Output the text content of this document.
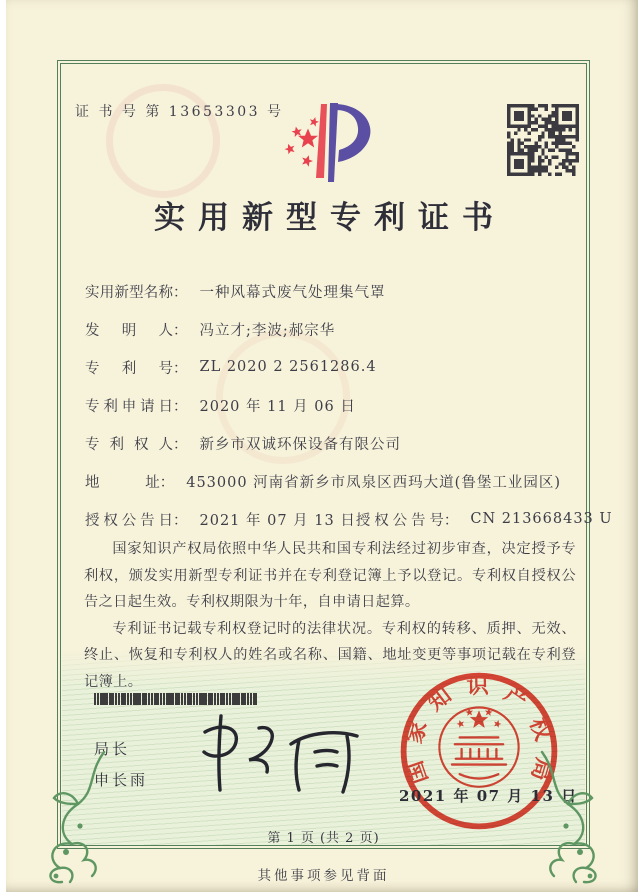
证 书 号 第 13653303 号
实用新型专利证书
实用新型名称 ： 一种风幕式废气处理集气罩
发明人 ： 冯立才;李波;郝宗华
专利号 ： ZL 2020 2 2561286.4
专利申请日 ： 2020 年 11 月 06 日
专利权人 ： 新乡市双诚环保设备有限公司
地址 ： 453000 河南省新乡市凤泉区西玛大道(鲁堡工业园区)
授权公告日 ： 2021 年 07 月 13 日 授权公告号 ： CN 213668433 U

国家知识产权局依照中华人民共和国专利法经过初步审查，决定授予专利权，颁发实用新型专利证书并在专利登记簿上予以登记。专利权自授权公告之日起生效。专利权期限为十年，自申请日起算。

专利证书记载专利权登记时的法律状况。专利权的转移、质押、无效、终止、恢复和专利权人的姓名或名称、国籍、地址变更等事项记载在专利登记簿上。

局长
申长雨	国家知识产权局
2021 年 07 月 13 日
第 1 页 (共 2 页)
其他事项参见背面
